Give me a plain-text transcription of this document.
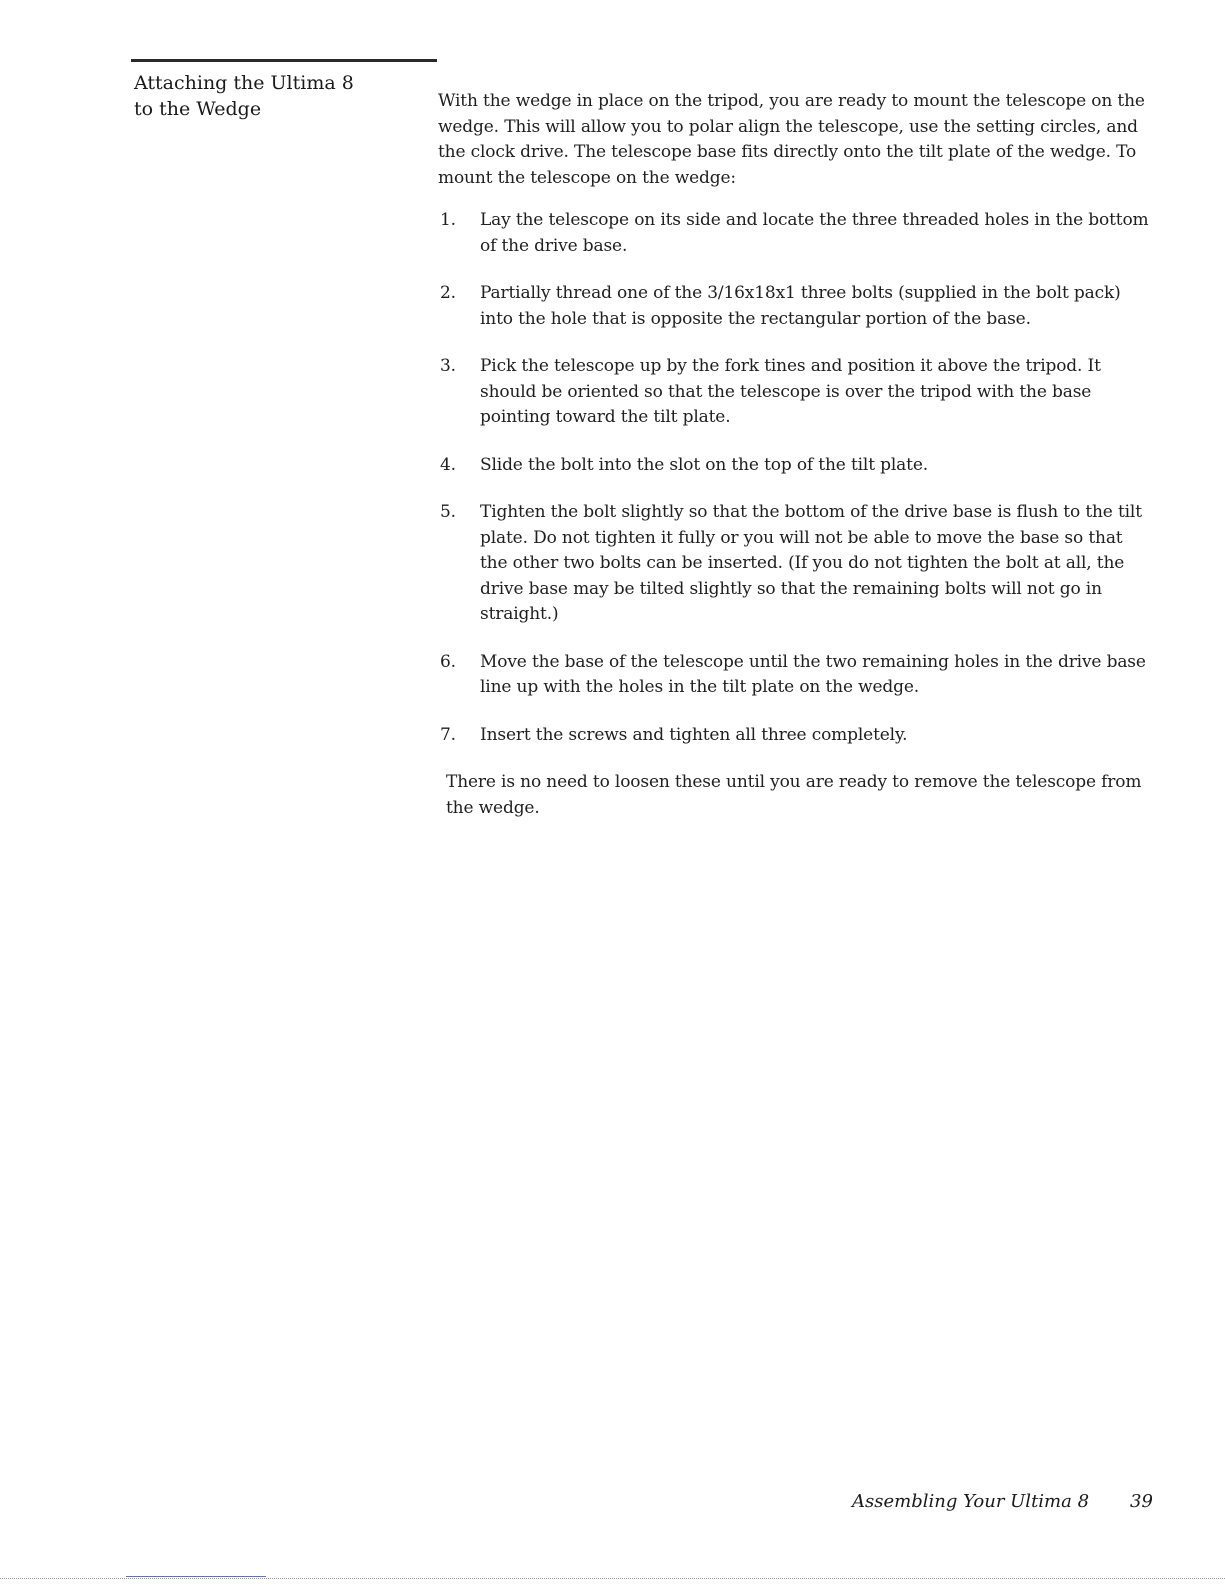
Attaching the Ultima 8
to the Wedge	With the wedge in place on the tripod, you are ready to mount the telescope on the wedge. This will allow you to polar align the telescope, use the setting circles, and the clock drive. The telescope base fits directly onto the tilt plate of the wedge. To mount the telescope on the wedge:

1. Lay the telescope on its side and locate the three threaded holes in the bottom of the drive base.
2. Partially thread one of the 3/16x18x1 three bolts (supplied in the bolt pack) into the hole that is opposite the rectangular portion of the base.
3. Pick the telescope up by the fork tines and position it above the tripod. It should be oriented so that the telescope is over the tripod with the base pointing toward the tilt plate.
4. Slide the bolt into the slot on the top of the tilt plate.
5. Tighten the bolt slightly so that the bottom of the drive base is flush to the tilt plate. Do not tighten it fully or you will not be able to move the base so that the other two bolts can be inserted. (If you do not tighten the bolt at all, the drive base may be tilted slightly so that the remaining bolts will not go in straight.)
6. Move the base of the telescope until the two remaining holes in the drive base line up with the holes in the tilt plate on the wedge.
7. Insert the screws and tighten all three completely.

There is no need to loosen these until you are ready to remove the telescope from the wedge.

Assembling Your Ultima 8 39
